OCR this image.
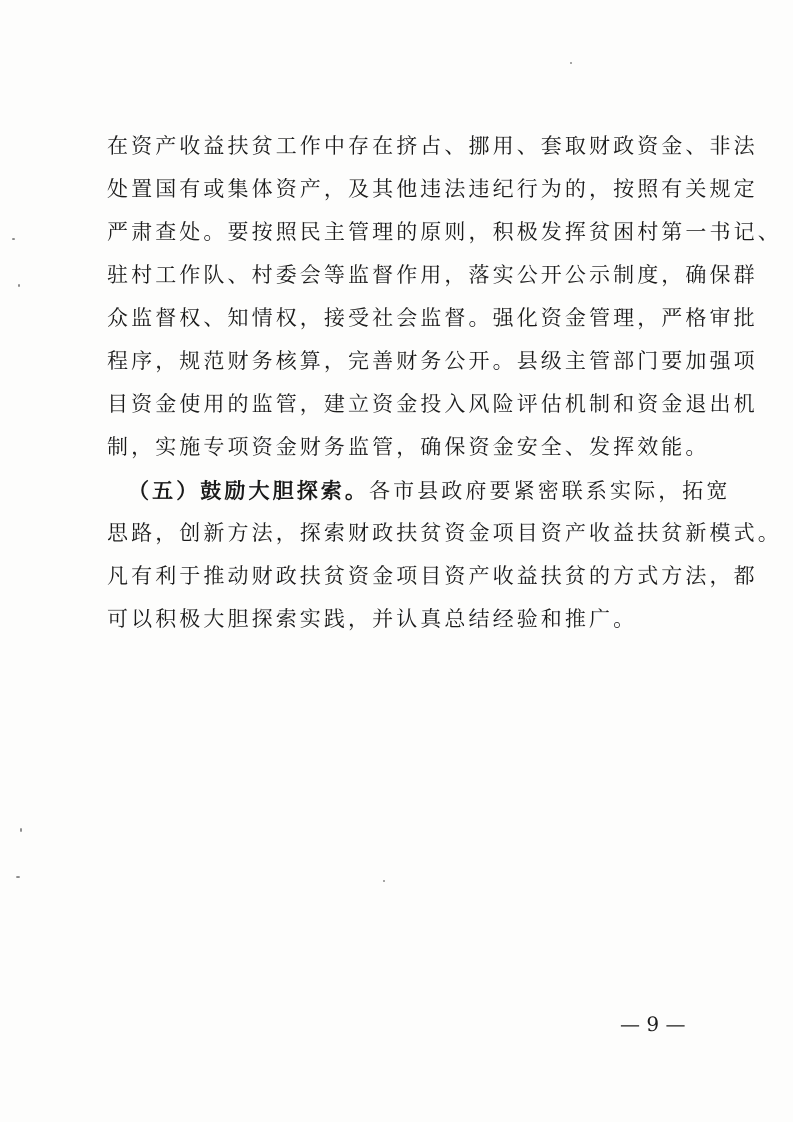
在资产收益扶贫工作中存在挤占、挪用、套取财政资金、非法
处置国有或集体资产，及其他违法违纪行为的，按照有关规定
严肃查处。要按照民主管理的原则，积极发挥贫困村第一书记、
驻村工作队、村委会等监督作用，落实公开公示制度，确保群
众监督权、知情权，接受社会监督。强化资金管理，严格审批
程序，规范财务核算，完善财务公开。县级主管部门要加强项
目资金使用的监管，建立资金投入风险评估机制和资金退出机
制，实施专项资金财务监管，确保资金安全、发挥效能。
（五）鼓励大胆探索。各市县政府要紧密联系实际，拓宽
思路，创新方法，探索财政扶贫资金项目资产收益扶贫新模式。
凡有利于推动财政扶贫资金项目资产收益扶贫的方式方法，都
可以积极大胆探索实践，并认真总结经验和推广。
— 9 —
